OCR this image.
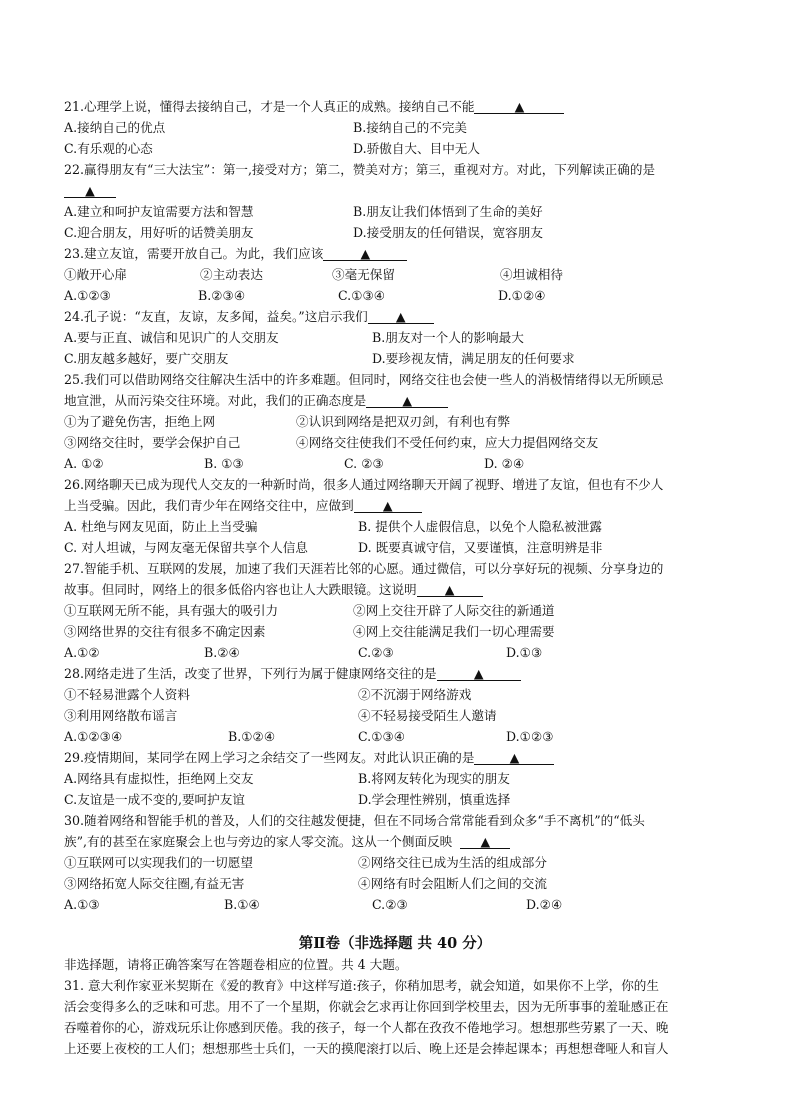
21.心理学上说，懂得去接纳自己，才是一个人真正的成熟。接纳自己不能	▲
A.接纳自己的优点	B.接纳自己的不完美
C.有乐观的心态	D.骄傲自大、目中无人
22.赢得朋友有“三大法宝”：第一,接受对方；第二，赞美对方；第三，重视对方。对此，下列解读正确的是
▲
A.建立和呵护友谊需要方法和智慧	B.朋友让我们体悟到了生命的美好
C.迎合朋友，用好听的话赞美朋友	D.接受朋友的任何错误，宽容朋友
23.建立友谊，需要开放自己。为此，我们应该	▲
①敞开心扉	②主动表达	③毫无保留	④坦诚相待
A.①②③	B.②③④	C.①③④	D.①②④
24.孔子说：“友直，友谅，友多闻，益矣。”这启示我们 ▲
A.要与正直、诚信和见识广的人交朋友	B.朋友对一个人的影响最大
C.朋友越多越好，要广交朋友	D.要珍视友情，满足朋友的任何要求
25.我们可以借助网络交往解决生活中的许多难题。但同时，网络交往也会使一些人的消极情绪得以无所顾忌
地宣泄，从而污染交往环境。对此，我们的正确态度是	▲
①为了避免伤害，拒绝上网	②认识到网络是把双刃剑，有利也有弊
③网络交往时，要学会保护自己	④网络交往使我们不受任何约束，应大力提倡网络交友
A. ①②	B. ①③	C. ②③	D. ②④
26.网络聊天已成为现代人交友的一种新时尚，很多人通过网络聊天开阔了视野、增进了友谊，但也有不少人
上当受骗。因此，我们青少年在网络交往中，应做到 ▲
A. 杜绝与网友见面，防止上当受骗	B. 提供个人虚假信息，以免个人隐私被泄露
C. 对人坦诚，与网友毫无保留共享个人信息	D. 既要真诚守信，又要谨慎，注意明辨是非
27.智能手机、互联网的发展，加速了我们天涯若比邻的心愿。通过微信，可以分享好玩的视频、分享身边的
故事。但同时，网络上的很多低俗内容也让人大跌眼镜。这说明 ▲
①互联网无所不能，具有强大的吸引力	②网上交往开辟了人际交往的新通道
③网络世界的交往有很多不确定因素	④网上交往能满足我们一切心理需要
A.①②	B.②④	C.②③	D.①③
28.网络走进了生活，改变了世界，下列行为属于健康网络交往的是	▲
①不轻易泄露个人资料	②不沉溺于网络游戏
③利用网络散布谣言	④不轻易接受陌生人邀请
A.①②③④	B.①②④	C.①③④	D.①②③
29.疫情期间，某同学在网上学习之余结交了一些网友。对此认识正确的是	▲
A.网络具有虚拟性，拒绝网上交友	B.将网友转化为现实的朋友
C.友谊是一成不变的,要呵护友谊	D.学会理性辨别，慎重选择
30.随着网络和智能手机的普及，人们的交往越发便捷，但在不同场合常常能看到众多“手不离机”的“低头
族”,有的甚至在家庭聚会上也与旁边的家人零交流。这从一个侧面反映 ▲
①互联网可以实现我们的一切愿望	②网络交往已成为生活的组成部分
③网络拓宽人际交往圈,有益无害	④网络有时会阻断人们之间的交流
A.①③	B.①④	C.②③	D.②④
第Ⅱ卷（非选择题 共 40 分）
非选择题，请将正确答案写在答题卷相应的位置。共 4 大题。
31. 意大利作家亚米契斯在《爱的教育》中这样写道:孩子，你稍加思考，就会知道，如果你不上学，你的生
活会变得多么的乏味和可悲。用不了一个星期，你就会乞求再让你回到学校里去，因为无所事事的羞耻感正在
吞噬着你的心，游戏玩乐让你感到厌倦。我的孩子，每一个人都在孜孜不倦地学习。想想那些劳累了一天、晚
上还要上夜校的工人们；想想那些士兵们，一天的摸爬滚打以后、晚上还是会捧起课本；再想想聋哑人和盲人
